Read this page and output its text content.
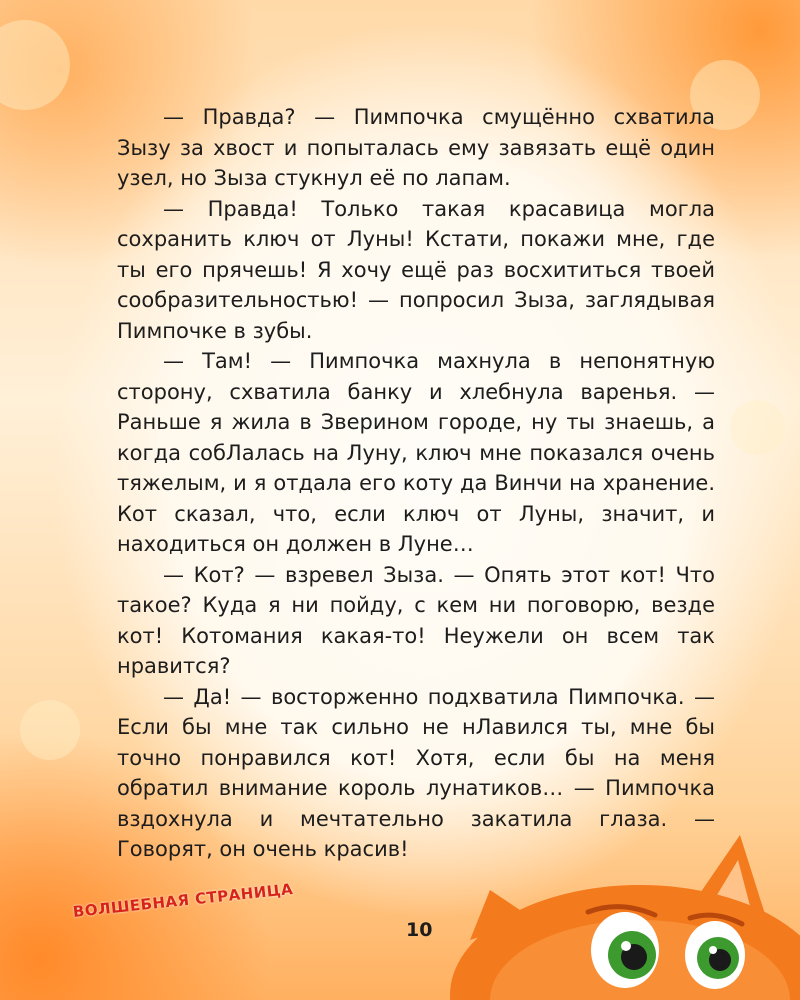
— Правда? — Пимпочка смущённо схватила Зызу за хвост и попыталась ему завязать ещё один узел, но Зыза стукнул её по лапам.

— Правда! Только такая красавица могла сохранить ключ от Луны! Кстати, покажи мне, где ты его прячешь! Я хочу ещё раз восхититься твоей сообразительностью! — попросил Зыза, заглядывая Пимпочке в зубы.

— Там! — Пимпочка махнула в непонятную сторону, схватила банку и хлебнула варенья. — Раньше я жила в Зверином городе, ну ты знаешь, а когда собЛалась на Луну, ключ мне показался очень тяжелым, и я отдала его коту да Винчи на хранение. Кот сказал, что, если ключ от Луны, значит, и находиться он должен в Луне…

— Кот? — взревел Зыза. — Опять этот кот! Что такое? Куда я ни пойду, с кем ни поговорю, везде кот! Котомания какая-то! Неужели он всем так нравится?

— Да! — восторженно подхватила Пимпочка. — Если бы мне так сильно не нЛавился ты, мне бы точно понравился кот! Хотя, если бы на меня обратил внимание король лунатиков… — Пимпочка вздохнула и мечтательно закатила глаза. — Говорят, он очень красив!

ВОЛШЕБНАЯ СТРАНИЦА
10
